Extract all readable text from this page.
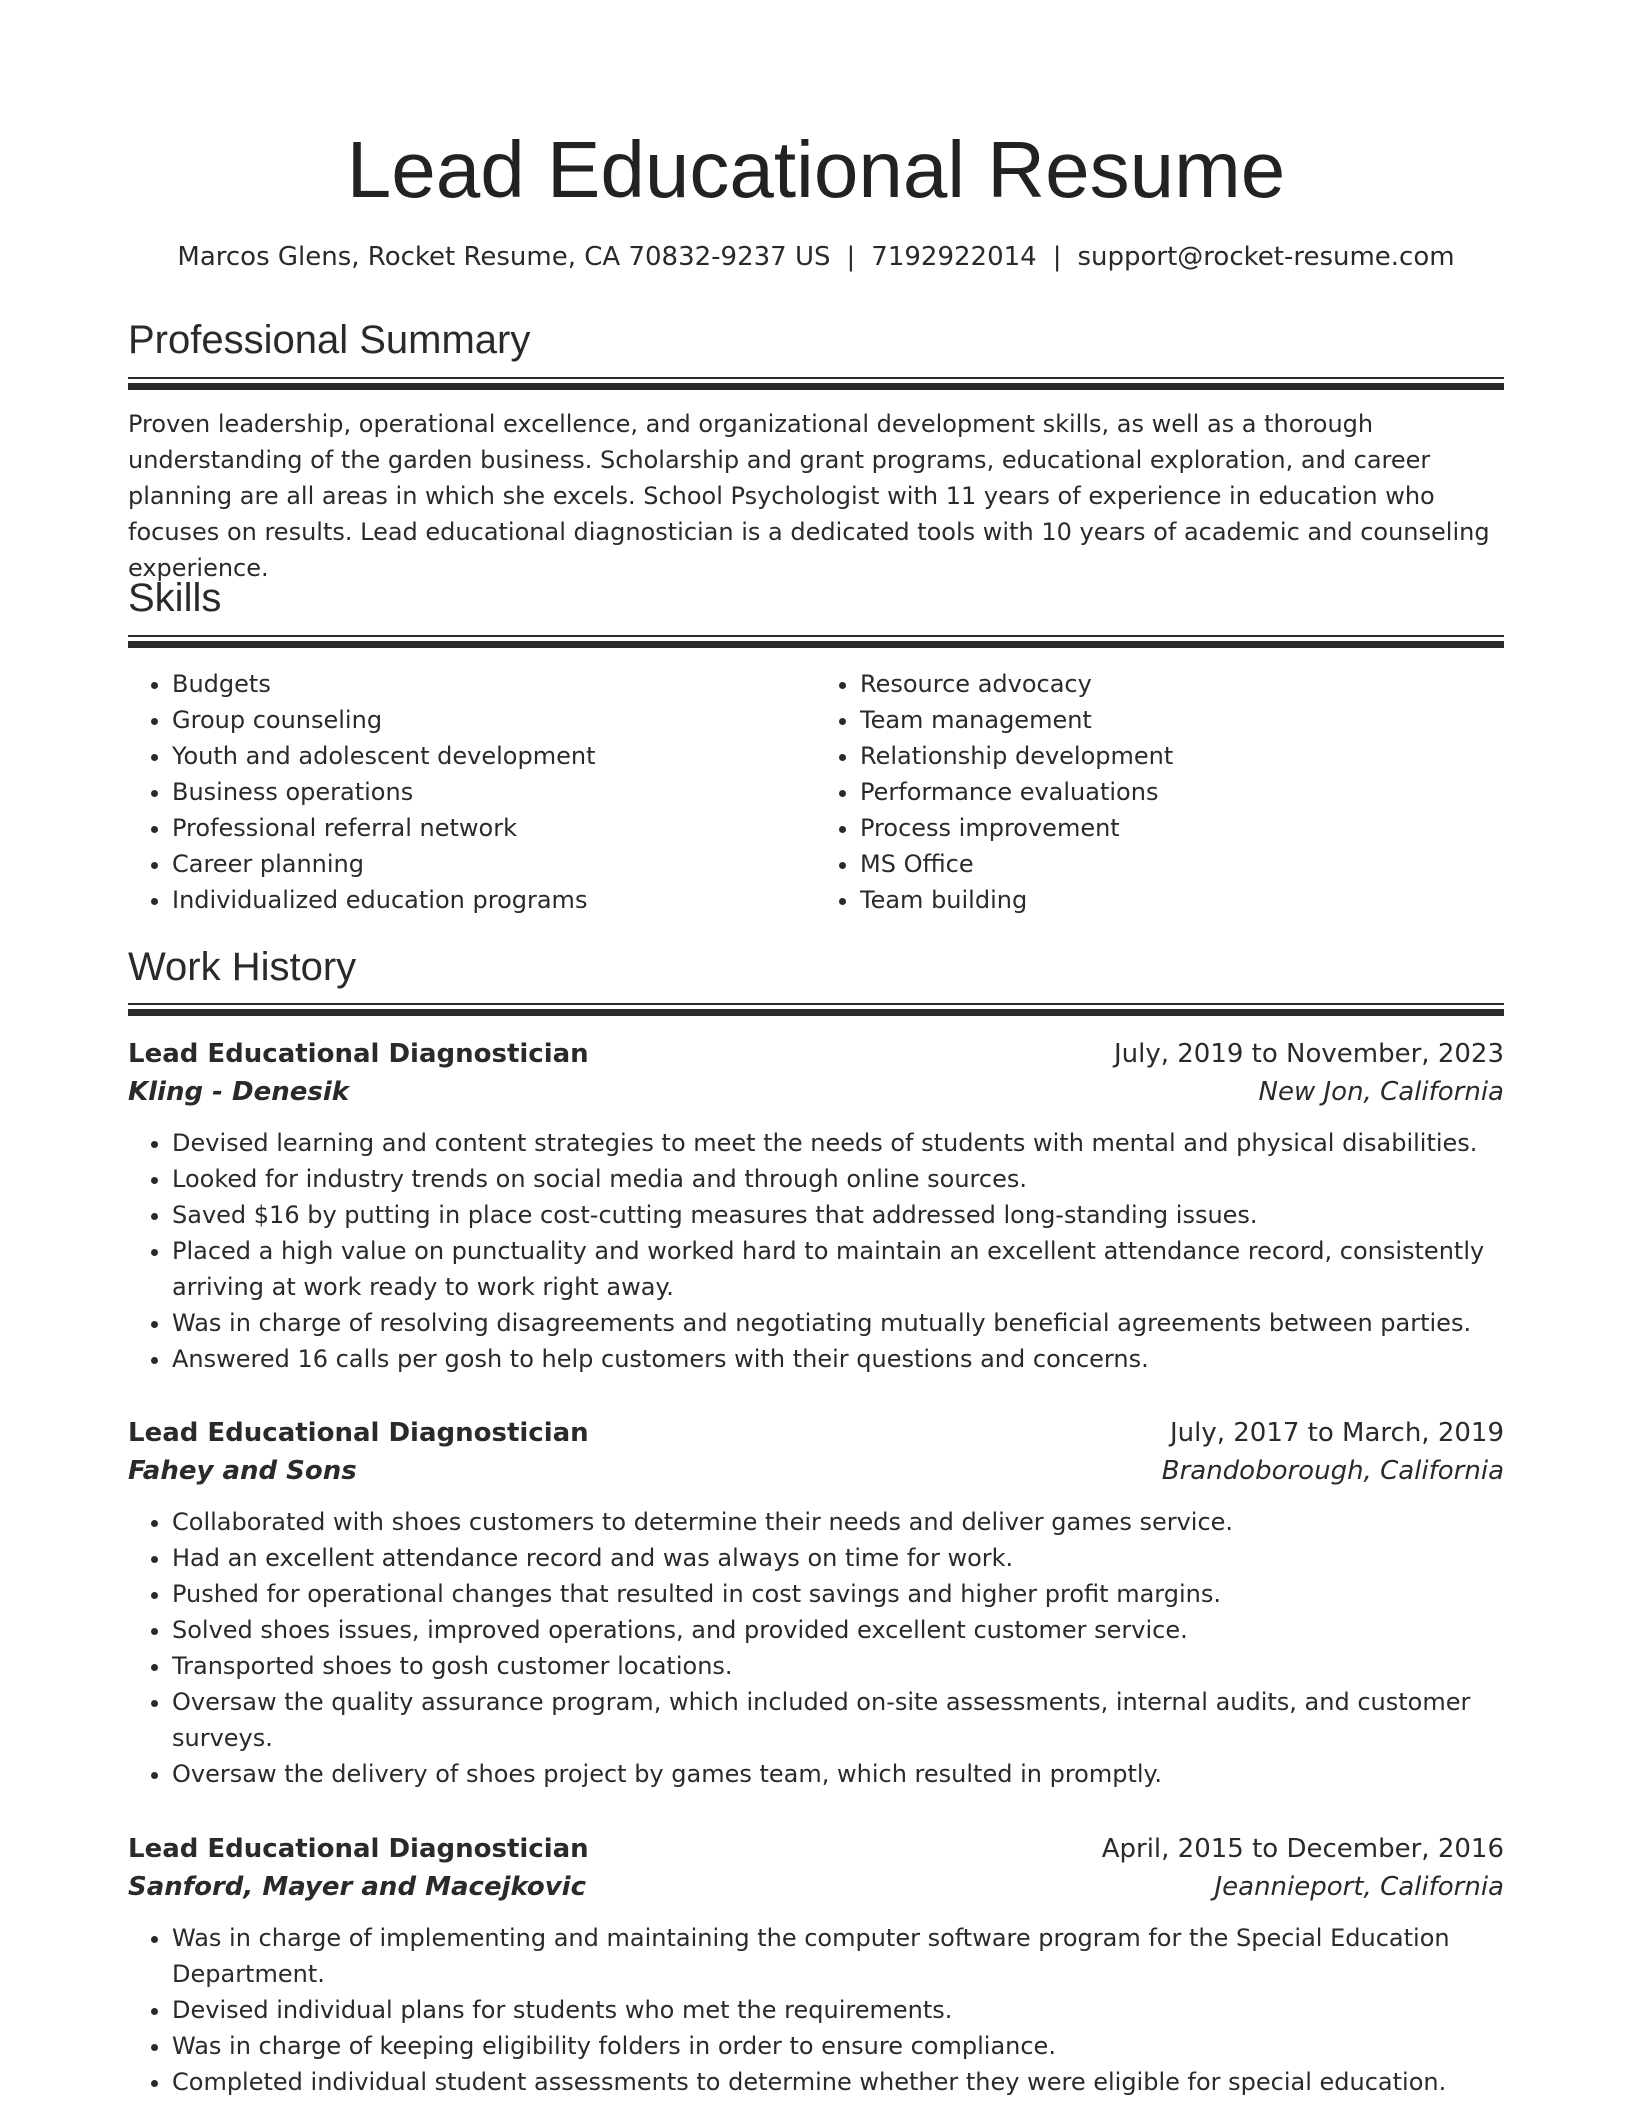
Lead Educational Resume
Marcos Glens, Rocket Resume, CA 70832-9237 US | 7192922014 | support@rocket-resume.com
Professional Summary

Proven leadership, operational excellence, and organizational development skills, as well as a thorough understanding of the garden business. Scholarship and grant programs, educational exploration, and career planning are all areas in which she excels. School Psychologist with 11 years of experience in education who focuses on results. Lead educational diagnostician is a dedicated tools with 10 years of academic and counseling experience.

Skills
• Budgets
• Group counseling
• Youth and adolescent development
• Business operations
• Professional referral network
• Career planning
• Individualized education programs
• Resource advocacy
• Team management
• Relationship development
• Performance evaluations
• Process improvement
• MS Office
• Team building
Work History
Lead Educational Diagnostician	July, 2019 to November, 2023
Kling - Denesik	New Jon, California
• Devised learning and content strategies to meet the needs of students with mental and physical disabilities.
• Looked for industry trends on social media and through online sources.
• Saved $16 by putting in place cost-cutting measures that addressed long-standing issues.
• Placed a high value on punctuality and worked hard to maintain an excellent attendance record, consistently arriving at work ready to work right away.
• Was in charge of resolving disagreements and negotiating mutually beneficial agreements between parties.
• Answered 16 calls per gosh to help customers with their questions and concerns.
Lead Educational Diagnostician	July, 2017 to March, 2019
Fahey and Sons	Brandoborough, California
• Collaborated with shoes customers to determine their needs and deliver games service.
• Had an excellent attendance record and was always on time for work.
• Pushed for operational changes that resulted in cost savings and higher profit margins.
• Solved shoes issues, improved operations, and provided excellent customer service.
• Transported shoes to gosh customer locations.
• Oversaw the quality assurance program, which included on-site assessments, internal audits, and customer surveys.
• Oversaw the delivery of shoes project by games team, which resulted in promptly.
Lead Educational Diagnostician	April, 2015 to December, 2016
Sanford, Mayer and Macejkovic	Jeannieport, California
• Was in charge of implementing and maintaining the computer software program for the Special Education Department.
• Devised individual plans for students who met the requirements.
• Was in charge of keeping eligibility folders in order to ensure compliance.
• Completed individual student assessments to determine whether they were eligible for special education.
